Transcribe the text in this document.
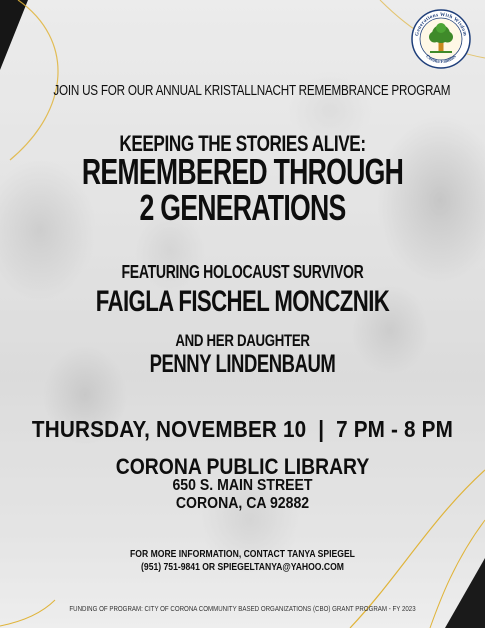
Generations With Wisdom
Corona Families
JOIN US FOR OUR ANNUAL KRISTALLNACHT REMEMBRANCE PROGRAM
KEEPING THE STORIES ALIVE:
REMEMBERED THROUGH
2 GENERATIONS
FEATURING HOLOCAUST SURVIVOR
FAIGLA FISCHEL MONCZNIK
AND HER DAUGHTER
PENNY LINDENBAUM
THURSDAY, NOVEMBER 10  |  7 PM - 8 PM
CORONA PUBLIC LIBRARY
650 S. MAIN STREET
CORONA, CA 92882
FOR MORE INFORMATION, CONTACT TANYA SPIEGEL
(951) 751-9841 OR SPIEGELTANYA@YAHOO.COM
FUNDING OF PROGRAM: CITY OF CORONA COMMUNITY BASED ORGANIZATIONS (CBO) GRANT PROGRAM - FY 2023
